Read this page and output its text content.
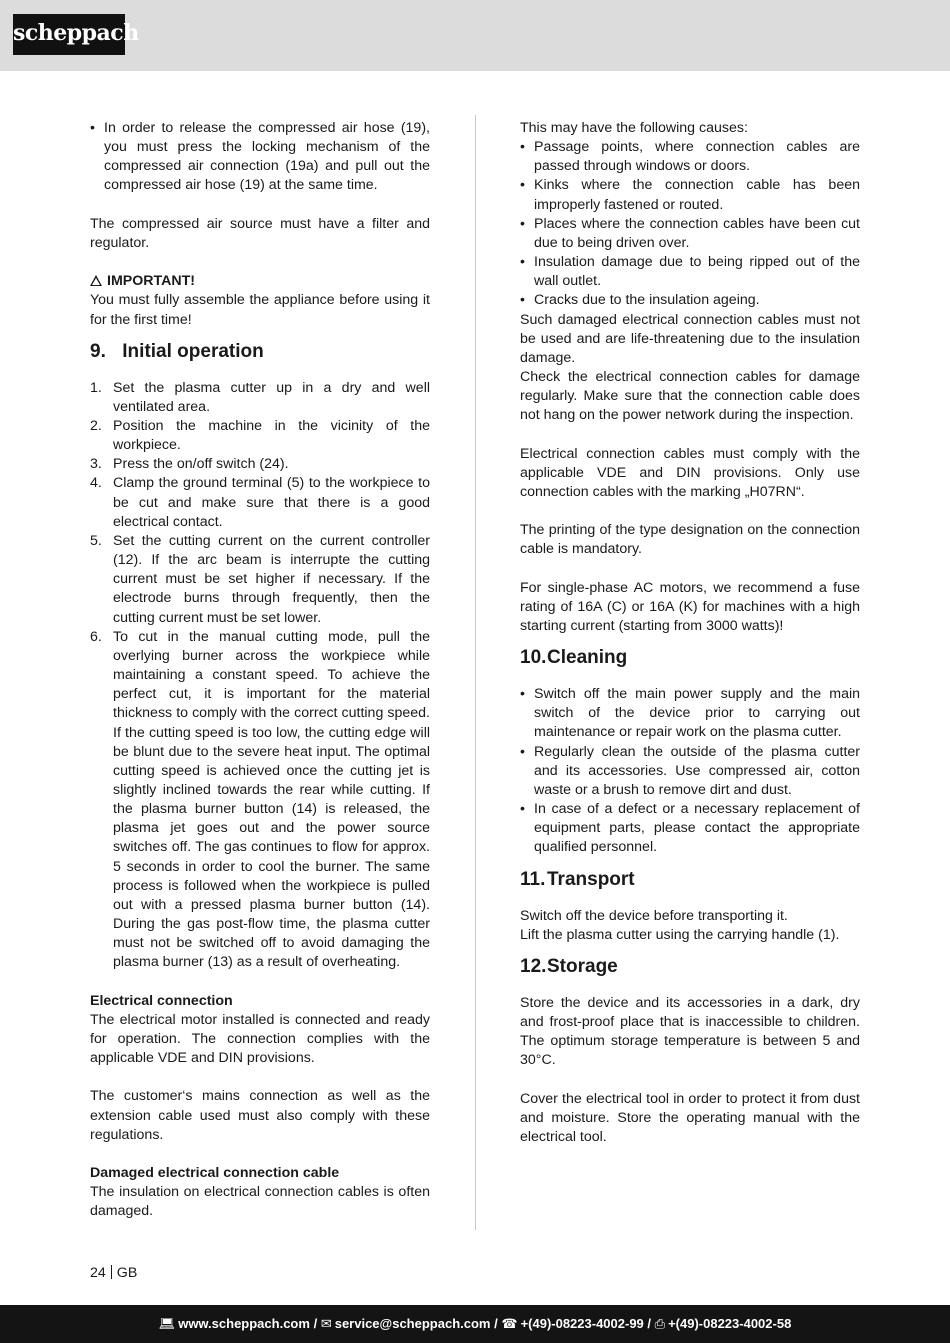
scheppach
• In order to release the compressed air hose (19), you must press the locking mechanism of the compressed air connection (19a) and pull out the compressed air hose (19) at the same time.

The compressed air source must have a filter and regulator.

IMPORTANT!

You must fully assemble the appliance before using it for the first time!

9.
Initial operation
1. Set the plasma cutter up in a dry and well ventilated area.
2. Position the machine in the vicinity of the workpiece.
3. Press the on/off switch (24).
4. Clamp the ground terminal (5) to the workpiece to be cut and make sure that there is a good electrical contact.
5. Set the cutting current on the current controller (12). If the arc beam is interrupte the cutting current must be set higher if necessary. If the electrode burns through frequently, then the cutting current must be set lower.
6. To cut in the manual cutting mode, pull the overlying burner across the workpiece while maintaining a constant speed. To achieve the perfect cut, it is important for the material thickness to comply with the correct cutting speed. If the cutting speed is too low, the cutting edge will be blunt due to the severe heat input. The optimal cutting speed is achieved once the cutting jet is slightly inclined towards the rear while cutting. If the plasma burner button (14) is released, the plasma jet goes out and the power source switches off. The gas continues to flow for approx. 5 seconds in order to cool the burner. The same process is followed when the workpiece is pulled out with a pressed plasma burner button (14). During the gas post-flow time, the plasma cutter must not be switched off to avoid damaging the plasma burner (13) as a result of overheating.

Electrical connection

The electrical motor installed is connected and ready for operation. The connection complies with the applicable VDE and DIN provisions.

The customer‘s mains connection as well as the extension cable used must also comply with these regulations.

Damaged electrical connection cable

The insulation on electrical connection cables is often damaged.

This may have the following causes:

• Passage points, where connection cables are passed through windows or doors.
• Kinks where the connection cable has been improperly fastened or routed.
• Places where the connection cables have been cut due to being driven over.
• Insulation damage due to being ripped out of the wall outlet.
• Cracks due to the insulation ageing.

Such damaged electrical connection cables must not be used and are life-threatening due to the insulation damage.

Check the electrical connection cables for damage regularly. Make sure that the connection cable does not hang on the power network during the inspection.

Electrical connection cables must comply with the applicable VDE and DIN provisions. Only use connection cables with the marking „H07RN“.

The printing of the type designation on the connection cable is mandatory.

For single-phase AC motors, we recommend a fuse rating of 16A (C) or 16A (K) for machines with a high starting current (starting from 3000 watts)!

10. Cleaning
• Switch off the main power supply and the main switch of the device prior to carrying out maintenance or repair work on the plasma cutter.
• Regularly clean the outside of the plasma cutter and its accessories. Use compressed air, cotton waste or a brush to remove dirt and dust.
• In case of a defect or a necessary replacement of equipment parts, please contact the appropriate qualified personnel.
11. Transport

Switch off the device before transporting it.

Lift the plasma cutter using the carrying handle (1).

12. Storage

Store the device and its accessories in a dark, dry and frost-proof place that is inaccessible to children. The optimum storage temperature is between 5 and 30°C.

Cover the electrical tool in order to protect it from dust and moisture. Store the operating manual with the electrical tool.

24 GB
💻︎ www.scheppach.com / ✉︎ service@scheppach.com / ☎︎ +(49)-08223-4002-99 / ⎙ +(49)-08223-4002-58
